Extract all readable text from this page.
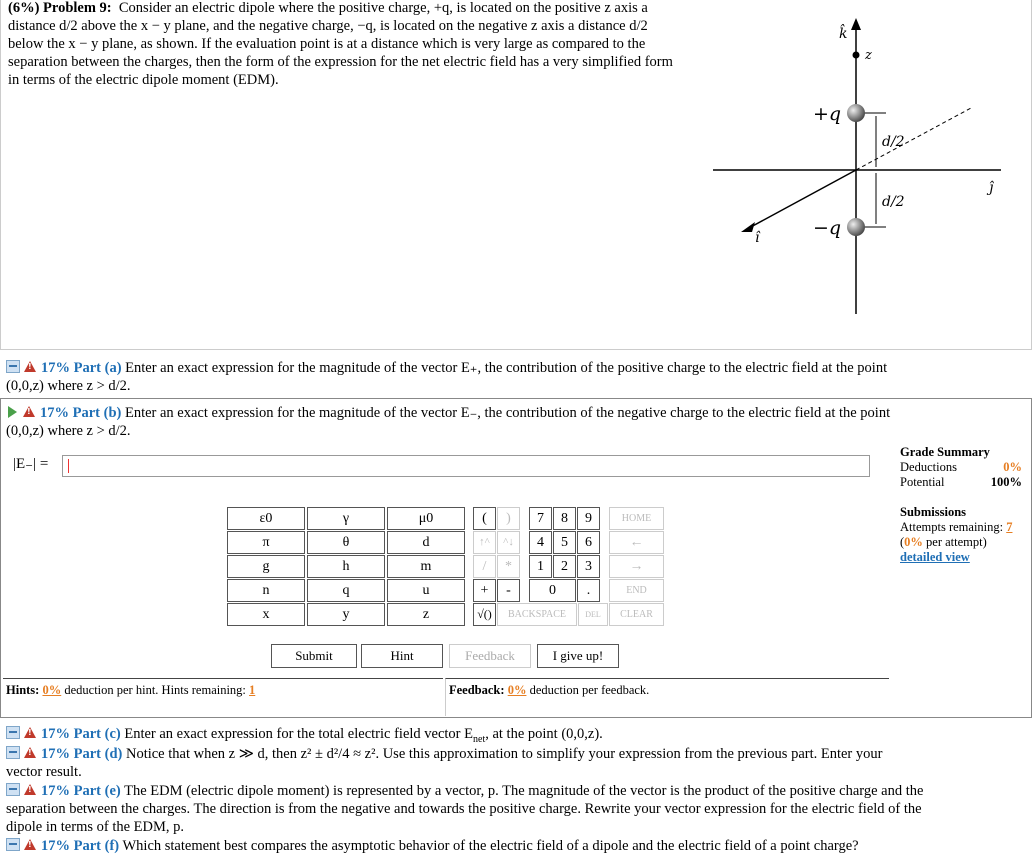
(6%) Problem 9: Consider an electric dipole where the positive charge, +q, is located on the positive z axis a distance d/2 above the x − y plane, and the negative charge, −q, is located on the negative z axis a distance d/2 below the x − y plane, as shown. If the evaluation point is at a distance which is very large as compared to the separation between the charges, then the form of the expression for the net electric field has a very simplified form in terms of the electric dipole moment (EDM).
k̂
z
+q
−q
d/2
d/2
ĵ
î
!17% Part (a) Enter an exact expression for the magnitude of the vector E₊, the contribution of the positive charge to the electric field at the point
(0,0,z) where z > d/2.
!17% Part (b) Enter an exact expression for the magnitude of the vector E₋, the contribution of the negative charge to the electric field at the point
(0,0,z) where z > d/2.
|E₋| =
Grade Summary
Deductions	0%
Potential	100%
Submissions
Attempts remaining: 7
(0% per attempt)
detailed view
ε0	γ	μ0
π	θ	d
g	h	m
n	q	u
x	y	z
(	)	7	8	9	HOME
↑^	^↓	4	5	6	←
/	*	1	2	3	→
+	-	0	.	END
√()	BACKSPACE	DEL	CLEAR
Submit	Hint	Feedback	I give up!
Hints: 0% deduction per hint. Hints remaining: 1	Feedback: 0% deduction per feedback.
!17% Part (c) Enter an exact expression for the total electric field vector $E_{net}$, at the point (0,0,z).
!17% Part (d) Notice that when z ≫ d, then z² ± d²/4 ≈ z². Use this approximation to simplify your expression from the previous part. Enter your
vector result.
!17% Part (e) The EDM (electric dipole moment) is represented by a vector, p. The magnitude of the vector is the product of the positive charge and the
separation between the charges. The direction is from the negative and towards the positive charge. Rewrite your vector expression for the electric field of the
dipole in terms of the EDM, p.
!17% Part (f) Which statement best compares the asymptotic behavior of the electric field of a dipole and the electric field of a point charge?
